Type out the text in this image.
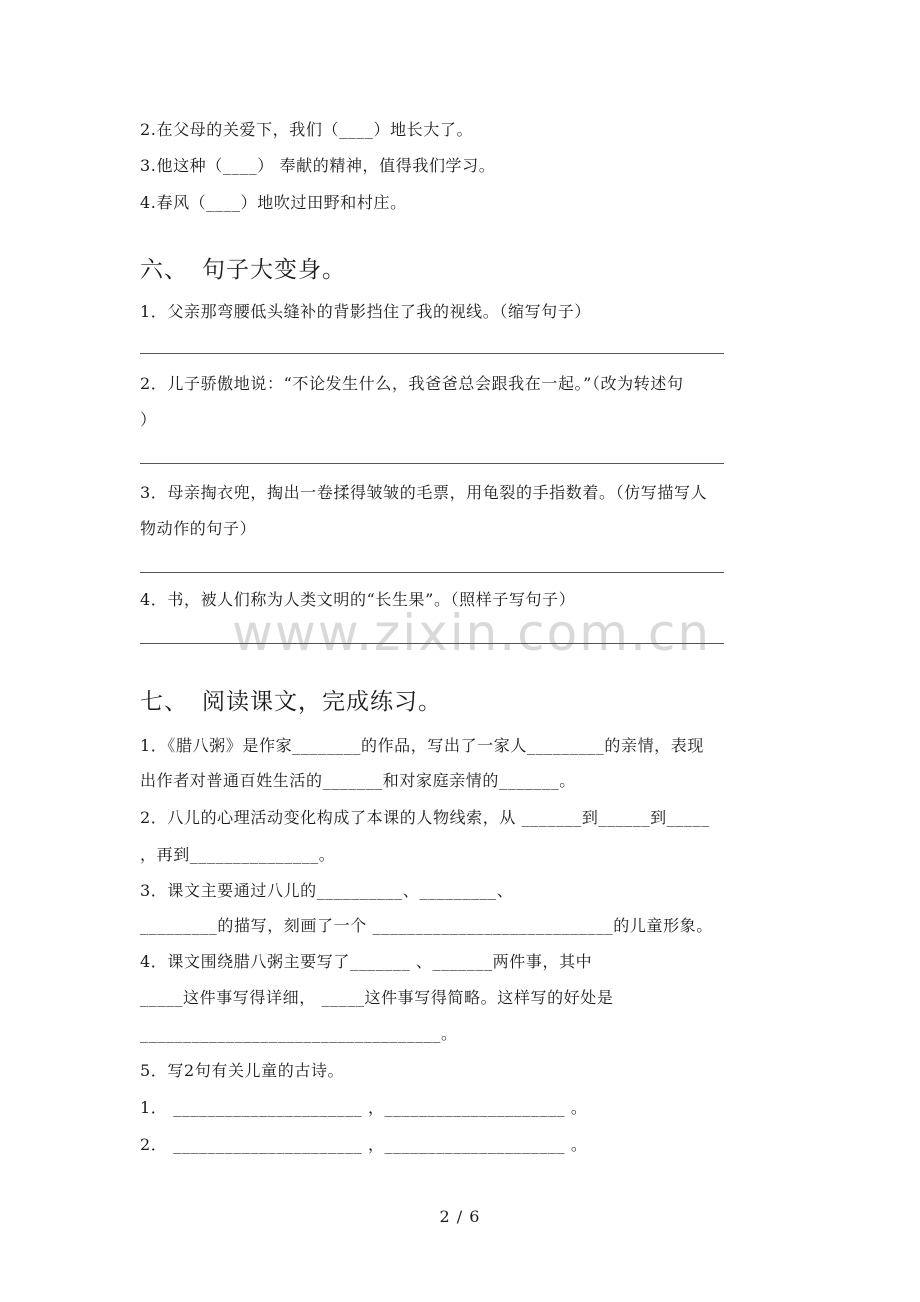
2.在父母的关爱下，我们（____）地长大了。
3.他这种（____） 奉献的精神，值得我们学习。
4.春风（____）地吹过田野和村庄。
六、 句子大变身。
1．父亲那弯腰低头缝补的背影挡住了我的视线。（缩写句子）
2．儿子骄傲地说：“不论发生什么，我爸爸总会跟我在一起。”（改为转述句
）
3．母亲掏衣兜，掏出一卷揉得皱皱的毛票，用龟裂的手指数着。（仿写描写人
物动作的句子）
4．书，被人们称为人类文明的“长生果”。（照样子写句子）
www.zixin.com.cn
七、 阅读课文，完成练习。
1．《腊八粥》是作家________的作品，写出了一家人_________的亲情，表现
出作者对普通百姓生活的_______和对家庭亲情的_______。
2．八儿的心理活动变化构成了本课的人物线索，从 _______到______到_____
，再到_______________。
3．课文主要通过八儿的__________、_________、
_________的描写，刻画了一个 ____________________________的儿童形象。
4．课文围绕腊八粥主要写了_______ 、_______两件事，其中
_____这件事写得详细， _____这件事写得简略。这样写的好处是
___________________________________。
5．写2句有关儿童的古诗。
1． ______________________ ，_____________________ 。
2． ______________________ ，_____________________ 。
2 / 6
